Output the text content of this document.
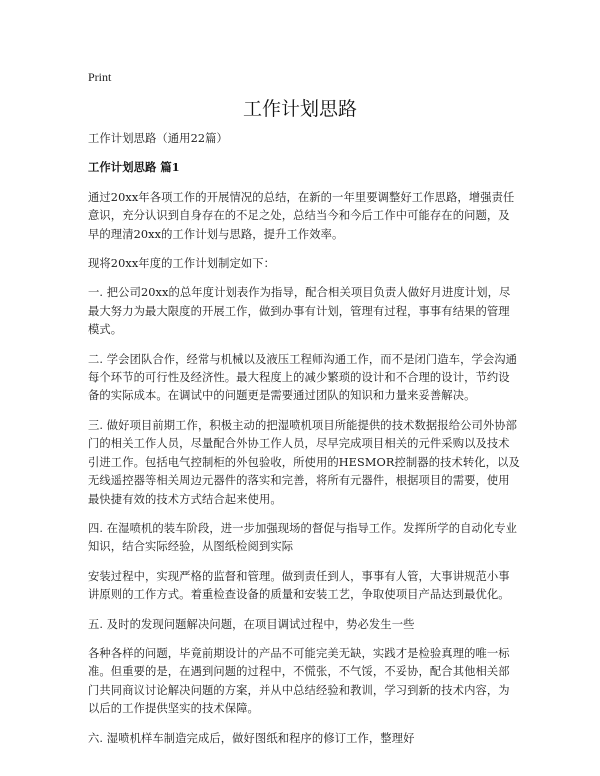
Print
工作计划思路

工作计划思路（通用22篇）

工作计划思路 篇1

通过20xx年各项工作的开展情况的总结，在新的一年里要调整好工作思路，增强责任意识，充分认识到自身存在的不足之处，总结当今和今后工作中可能存在的问题，及早的理清20xx的工作计划与思路，提升工作效率。

现将20xx年度的工作计划制定如下：

一. 把公司20xx的总年度计划表作为指导，配合相关项目负责人做好月进度计划，尽最大努力为最大限度的开展工作，做到办事有计划，管理有过程，事事有结果的管理模式。

二. 学会团队合作，经常与机械以及液压工程师沟通工作，而不是闭门造车，学会沟通每个环节的可行性及经济性。最大程度上的减少繁琐的设计和不合理的设计，节约设备的实际成本。在调试中的问题更是需要通过团队的知识和力量来妥善解决。

三. 做好项目前期工作，积极主动的把湿喷机项目所能提供的技术数据报给公司外协部门的相关工作人员，尽量配合外协工作人员，尽早完成项目相关的元件采购以及技术引进工作。包括电气控制柜的外包验收，所使用的HESMOR控制器的技术转化，以及无线遥控器等相关周边元器件的落实和完善，将所有元器件，根据项目的需要，使用最快捷有效的技术方式结合起来使用。

四. 在湿喷机的装车阶段，进一步加强现场的督促与指导工作。发挥所学的自动化专业知识，结合实际经验，从图纸检阅到实际

安装过程中，实现严格的监督和管理。做到责任到人，事事有人管，大事讲规范小事讲原则的工作方式。着重检查设备的质量和安装工艺，争取使项目产品达到最优化。

五. 及时的发现问题解决问题，在项目调试过程中，势必发生一些

各种各样的问题，毕竟前期设计的产品不可能完美无缺，实践才是检验真理的唯一标准。但重要的是，在遇到问题的过程中，不慌张，不气馁，不妥协，配合其他相关部门共同商议讨论解决问题的方案，并从中总结经验和教训，学习到新的技术内容，为以后的工作提供坚实的技术保障。

六. 湿喷机样车制造完成后，做好图纸和程序的修订工作，整理好
